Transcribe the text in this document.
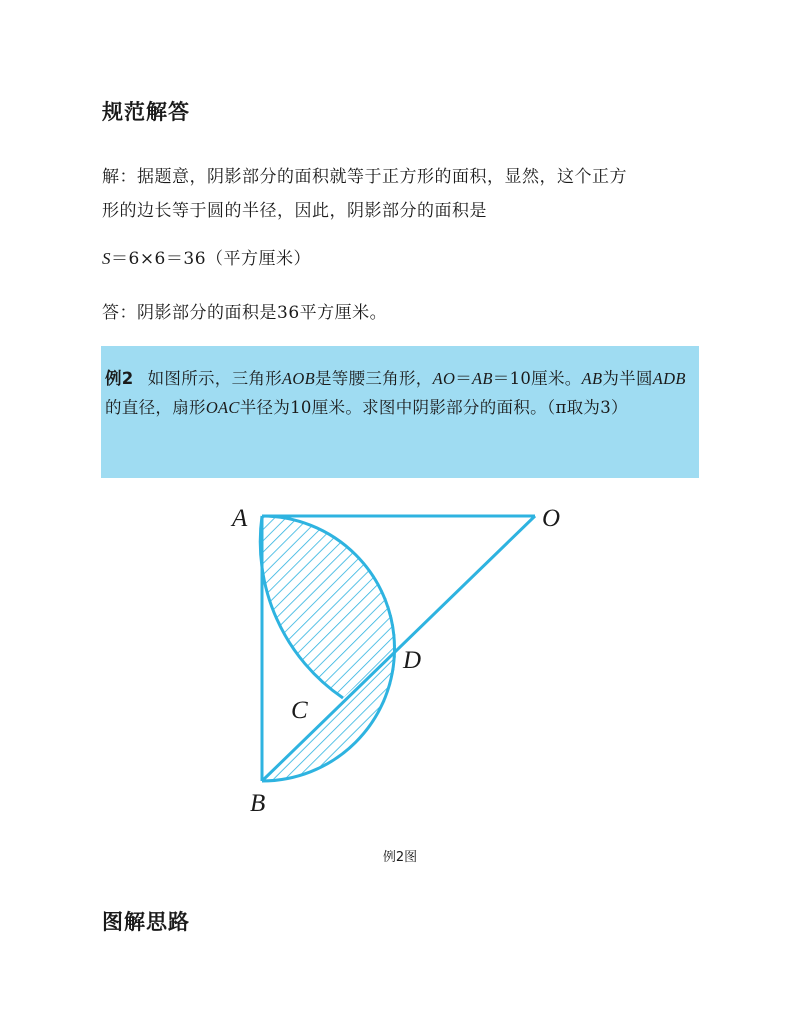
规范解答
解：据题意，阴影部分的面积就等于正方形的面积，显然，这个正方
形的边长等于圆的半径，因此，阴影部分的面积是
S＝6×6＝36（平方厘米）
答：阴影部分的面积是36平方厘米。
例2 如图所示，三角形AOB是等腰三角形，AO＝AB＝10厘米。AB为半圆ADB的直径，扇形OAC半径为10厘米。求图中阴影部分的面积。（π取为3）
A	O
D
C
B
例2图
图解思路
